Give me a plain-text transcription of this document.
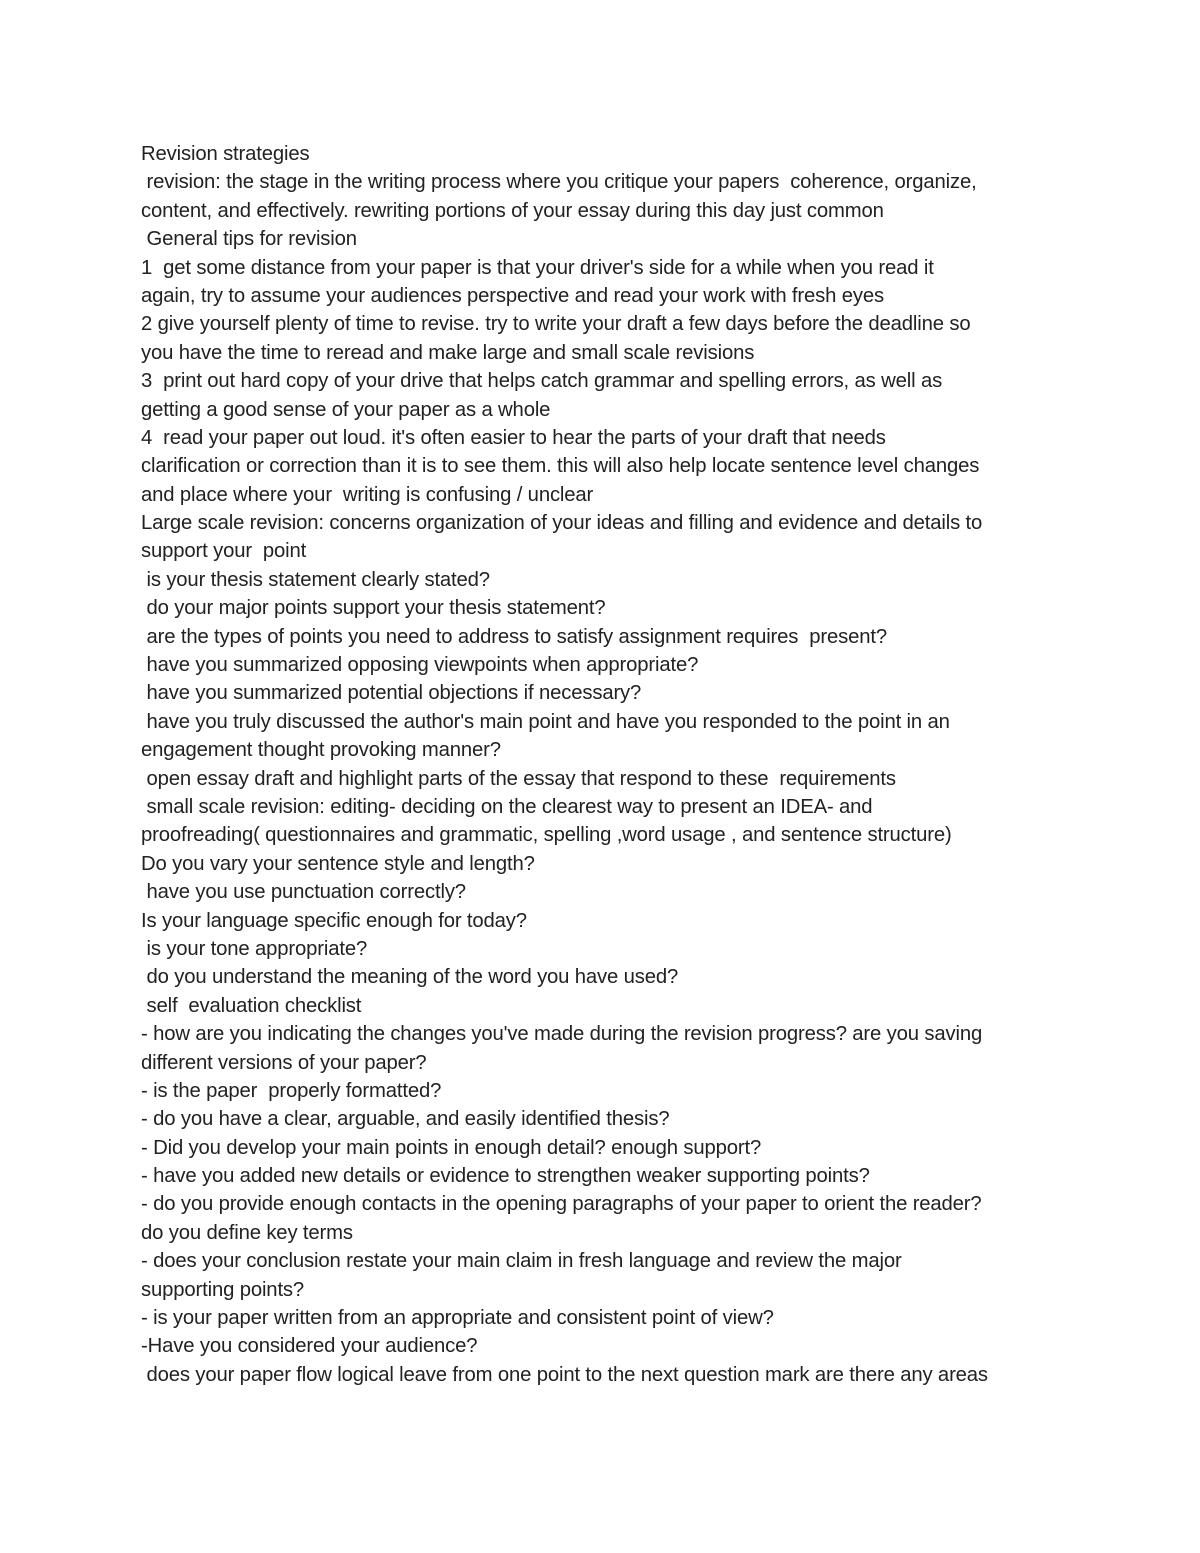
Revision strategies
revision: the stage in the writing process where you critique your papers  coherence, organize,
content, and effectively. rewriting portions of your essay during this day just common
General tips for revision
1  get some distance from your paper is that your driver's side for a while when you read it
again, try to assume your audiences perspective and read your work with fresh eyes
2 give yourself plenty of time to revise. try to write your draft a few days before the deadline so
you have the time to reread and make large and small scale revisions
3  print out hard copy of your drive that helps catch grammar and spelling errors, as well as
getting a good sense of your paper as a whole
4  read your paper out loud. it's often easier to hear the parts of your draft that needs
clarification or correction than it is to see them. this will also help locate sentence level changes
and place where your  writing is confusing / unclear
Large scale revision: concerns organization of your ideas and filling and evidence and details to
support your  point
is your thesis statement clearly stated?
do your major points support your thesis statement?
are the types of points you need to address to satisfy assignment requires  present?
have you summarized opposing viewpoints when appropriate?
have you summarized potential objections if necessary?
have you truly discussed the author's main point and have you responded to the point in an
engagement thought provoking manner?
open essay draft and highlight parts of the essay that respond to these  requirements
small scale revision: editing- deciding on the clearest way to present an IDEA- and
proofreading( questionnaires and grammatic, spelling ,word usage , and sentence structure)
Do you vary your sentence style and length?
have you use punctuation correctly?
Is your language specific enough for today?
is your tone appropriate?
do you understand the meaning of the word you have used?
self  evaluation checklist
- how are you indicating the changes you've made during the revision progress? are you saving
different versions of your paper?
- is the paper  properly formatted?
- do you have a clear, arguable, and easily identified thesis?
- Did you develop your main points in enough detail? enough support?
- have you added new details or evidence to strengthen weaker supporting points?
- do you provide enough contacts in the opening paragraphs of your paper to orient the reader?
do you define key terms
- does your conclusion restate your main claim in fresh language and review the major
supporting points?
- is your paper written from an appropriate and consistent point of view?
-Have you considered your audience?
does your paper flow logical leave from one point to the next question mark are there any areas
